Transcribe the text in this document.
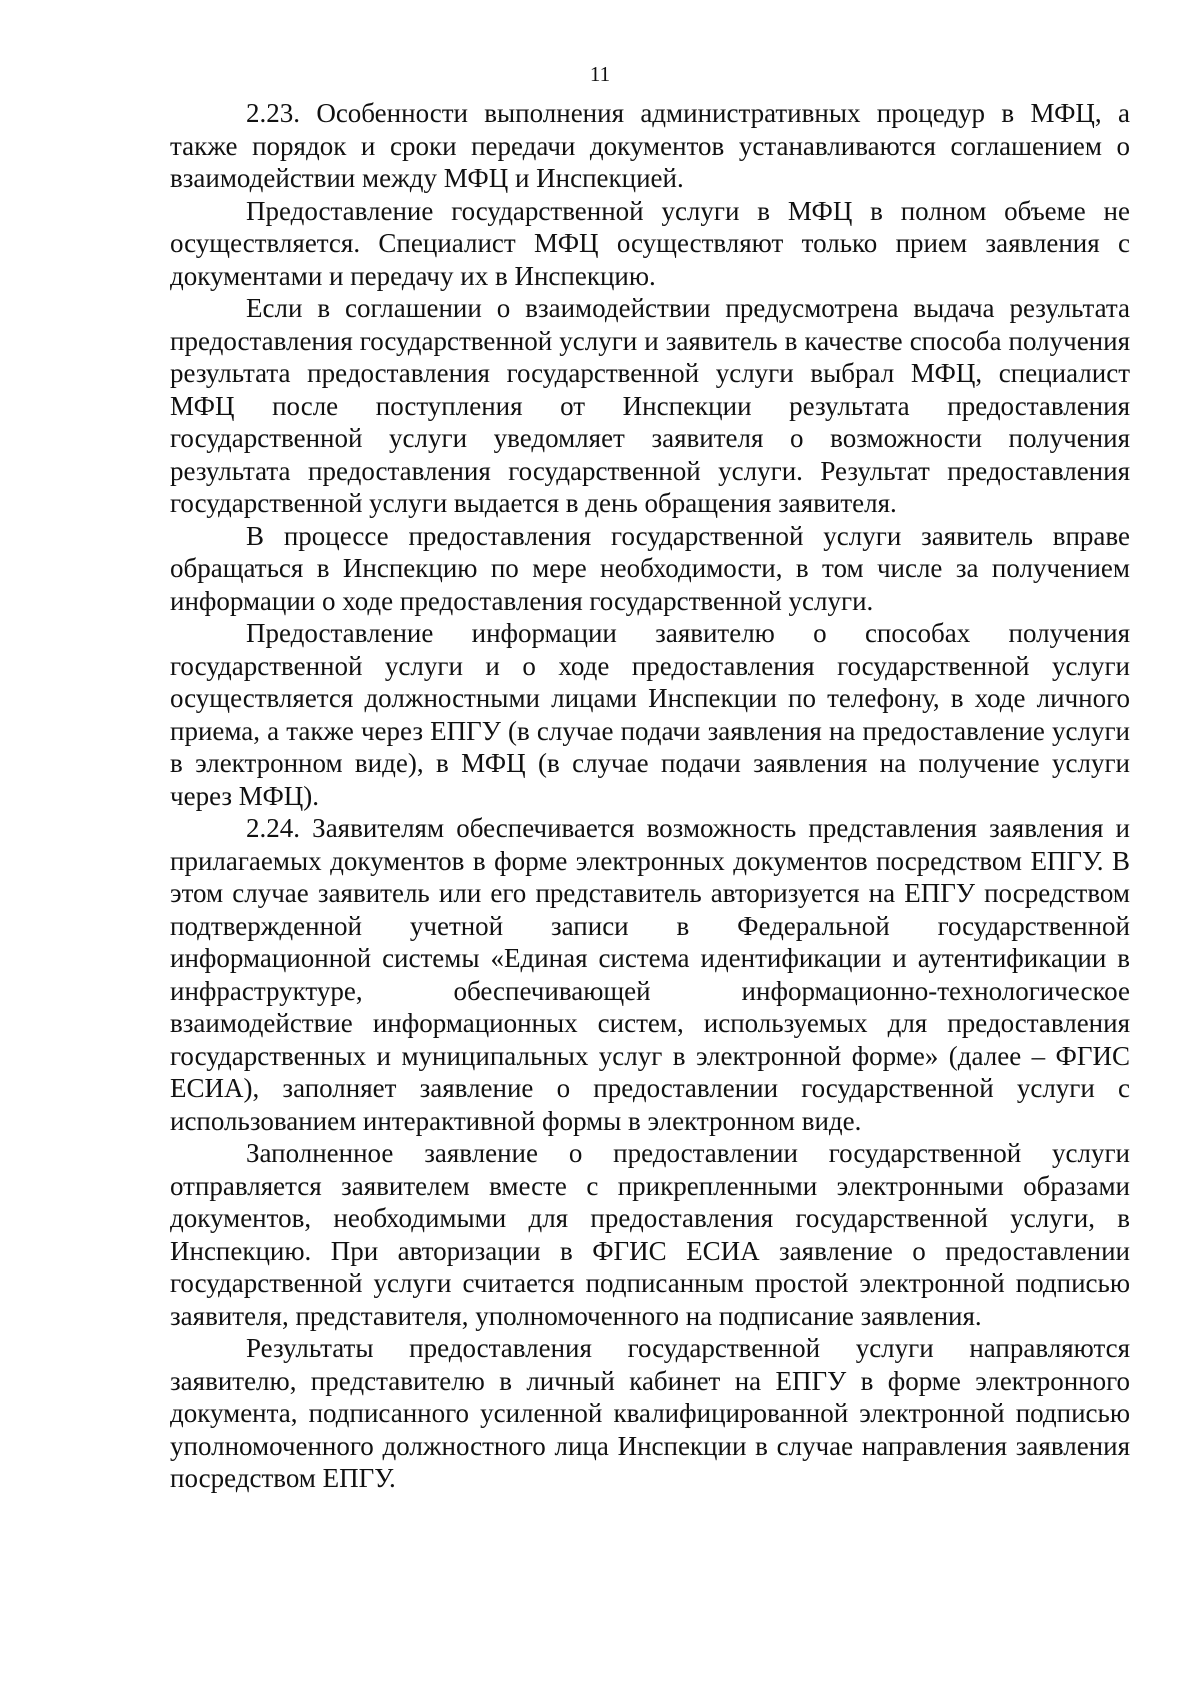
11

2.23. Особенности выполнения административных процедур в МФЦ, а также порядок и сроки передачи документов устанавливаются соглашением о взаимодействии между МФЦ и Инспекцией.

Предоставление государственной услуги в МФЦ в полном объеме не осуществляется. Специалист МФЦ осуществляют только прием заявления с документами и передачу их в Инспекцию.

Если в соглашении о взаимодействии предусмотрена выдача результата предоставления государственной услуги и заявитель в качестве способа получения результата предоставления государственной услуги выбрал МФЦ, специалист МФЦ после поступления от Инспекции результата предоставления государственной услуги уведомляет заявителя о возможности получения результата предоставления государственной услуги. Результат предоставления государственной услуги выдается в день обращения заявителя.

В процессе предоставления государственной услуги заявитель вправе обращаться в Инспекцию по мере необходимости, в том числе за получением информации о ходе предоставления государственной услуги.

Предоставление информации заявителю о способах получения государственной услуги и о ходе предоставления государственной услуги осуществляется должностными лицами Инспекции по телефону, в ходе личного приема, а также через ЕПГУ (в случае подачи заявления на предоставление услуги в электронном виде), в МФЦ (в случае подачи заявления на получение услуги через МФЦ).

2.24. Заявителям обеспечивается возможность представления заявления и прилагаемых документов в форме электронных документов посредством ЕПГУ. В этом случае заявитель или его представитель авторизуется на ЕПГУ посредством подтвержденной учетной записи в Федеральной государственной информационной системы «Единая система идентификации и аутентификации в инфраструктуре, обеспечивающей информационно-технологическое взаимодействие информационных систем, используемых для предоставления государственных и муниципальных услуг в электронной форме» (далее – ФГИС ЕСИА), заполняет заявление о предоставлении государственной услуги с использованием интерактивной формы в электронном виде.

Заполненное заявление о предоставлении государственной услуги отправляется заявителем вместе с прикрепленными электронными образами документов, необходимыми для предоставления государственной услуги, в Инспекцию. При авторизации в ФГИС ЕСИА заявление о предоставлении государственной услуги считается подписанным простой электронной подписью заявителя, представителя, уполномоченного на подписание заявления.

Результаты предоставления государственной услуги направляются заявителю, представителю в личный кабинет на ЕПГУ в форме электронного документа, подписанного усиленной квалифицированной электронной подписью уполномоченного должностного лица Инспекции в случае направления заявления посредством ЕПГУ.
